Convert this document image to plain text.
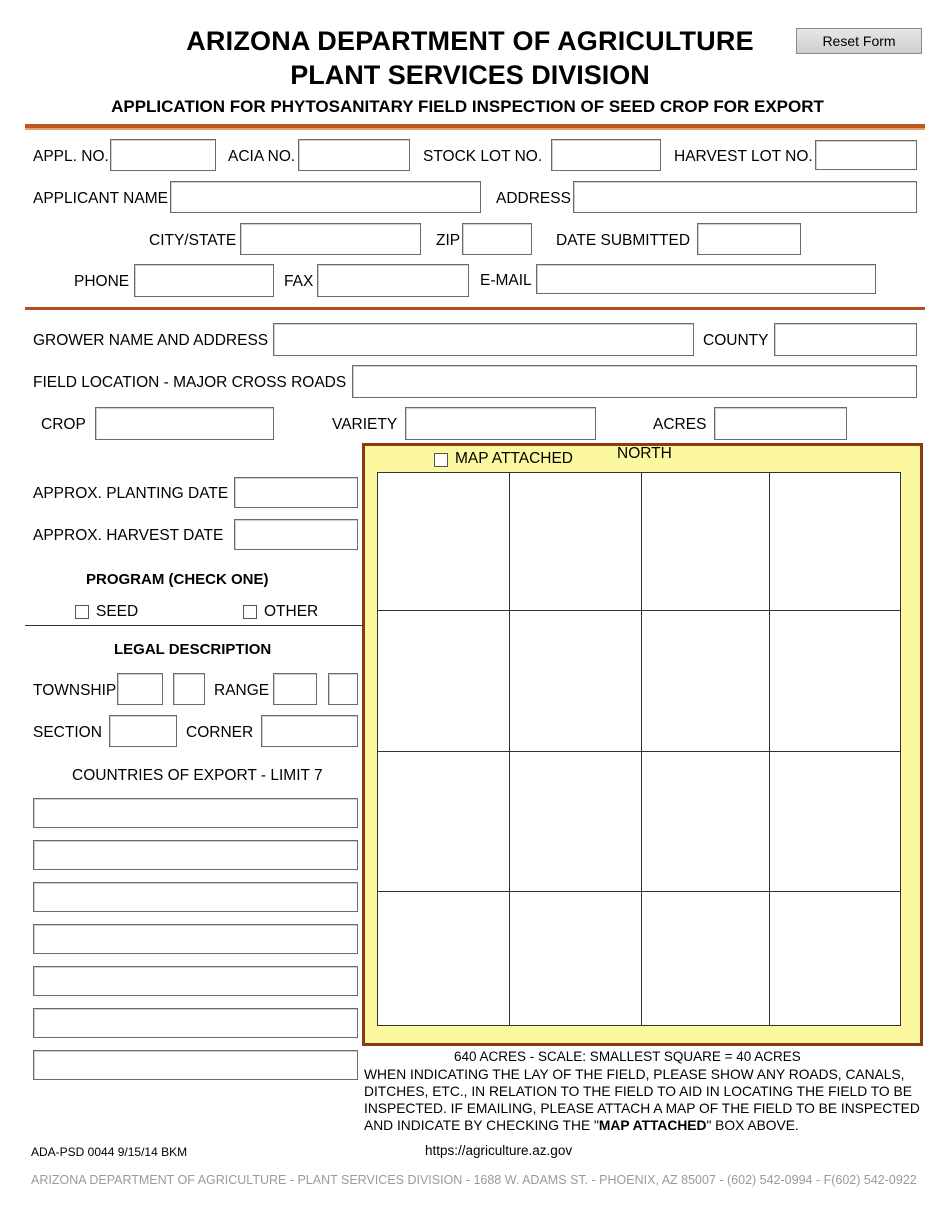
ARIZONA DEPARTMENT OF AGRICULTURE
PLANT SERVICES DIVISION
APPLICATION FOR PHYTOSANITARY FIELD INSPECTION OF SEED CROP FOR EXPORT
Reset Form
APPL. NO.	ACIA NO.	STOCK LOT NO.	HARVEST LOT NO.
APPLICANT NAME	ADDRESS
CITY/STATE	ZIP	DATE SUBMITTED
PHONE	FAX	E-MAIL
GROWER NAME AND ADDRESS	COUNTY
FIELD LOCATION - MAJOR CROSS ROADS
CROP	VARIETY	ACRES
APPROX. PLANTING DATE
APPROX. HARVEST DATE
PROGRAM (CHECK ONE)
SEED	OTHER
LEGAL DESCRIPTION
TOWNSHIP	RANGE
SECTION	CORNER
COUNTRIES OF EXPORT - LIMIT 7
MAP ATTACHED	NORTH
640 ACRES - SCALE: SMALLEST SQUARE = 40 ACRES
WHEN INDICATING THE LAY OF THE FIELD, PLEASE SHOW ANY ROADS, CANALS, DITCHES, ETC., IN RELATION TO THE FIELD TO AID IN LOCATING THE FIELD TO BE INSPECTED. IF EMAILING, PLEASE ATTACH A MAP OF THE FIELD TO BE INSPECTED AND INDICATE BY CHECKING THE "MAP ATTACHED" BOX ABOVE.
ADA-PSD 0044 9/15/14 BKM	https://agriculture.az.gov
ARIZONA DEPARTMENT OF AGRICULTURE - PLANT SERVICES DIVISION - 1688 W. ADAMS ST. - PHOENIX, AZ 85007 - (602) 542-0994 - F(602) 542-0922
